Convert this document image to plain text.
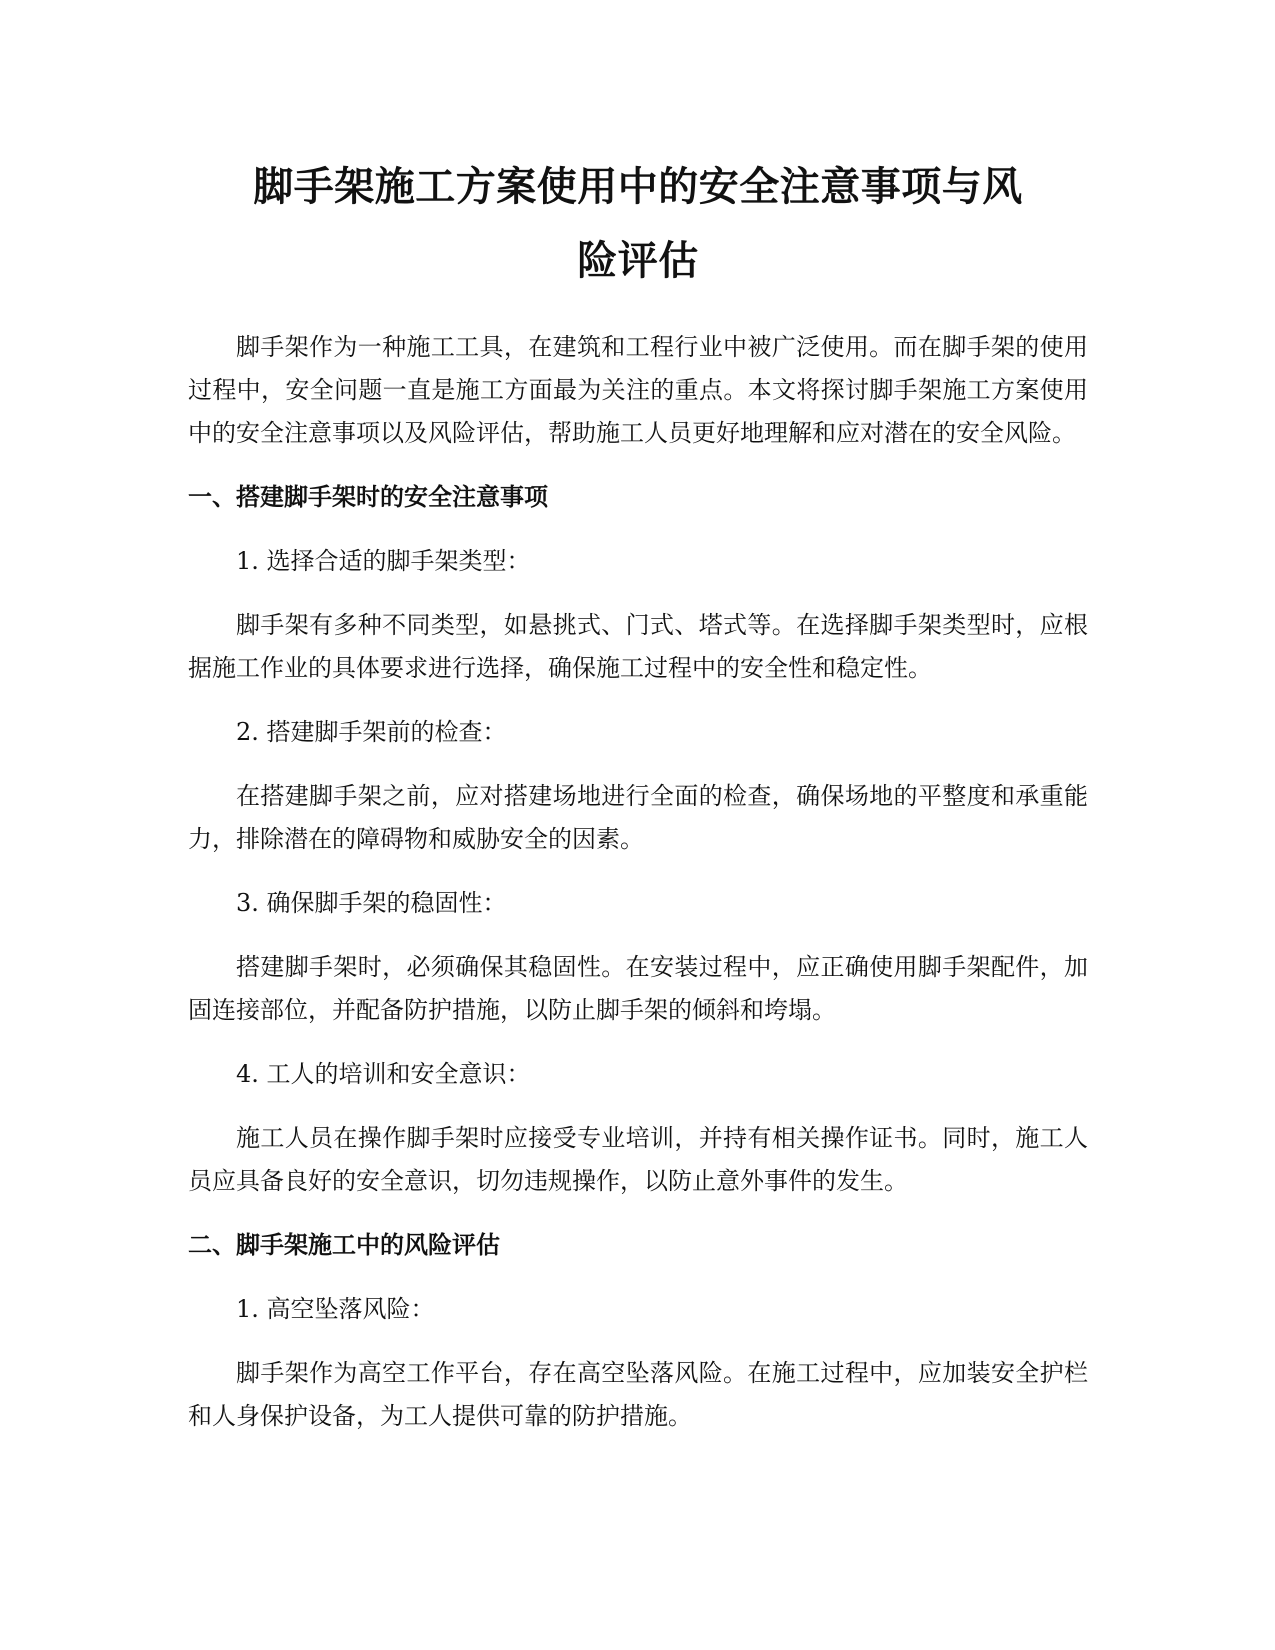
脚手架施工方案使用中的安全注意事项与风
险评估

脚手架作为一种施工工具，在建筑和工程行业中被广泛使用。而在脚手架的使用过程中，安全问题一直是施工方面最为关注的重点。本文将探讨脚手架施工方案使用中的安全注意事项以及风险评估，帮助施工人员更好地理解和应对潜在的安全风险。

一、搭建脚手架时的安全注意事项

1. 选择合适的脚手架类型：

脚手架有多种不同类型，如悬挑式、门式、塔式等。在选择脚手架类型时，应根据施工作业的具体要求进行选择，确保施工过程中的安全性和稳定性。

2. 搭建脚手架前的检查：

在搭建脚手架之前，应对搭建场地进行全面的检查，确保场地的平整度和承重能力，排除潜在的障碍物和威胁安全的因素。

3. 确保脚手架的稳固性：

搭建脚手架时，必须确保其稳固性。在安装过程中，应正确使用脚手架配件，加固连接部位，并配备防护措施，以防止脚手架的倾斜和垮塌。

4. 工人的培训和安全意识：

施工人员在操作脚手架时应接受专业培训，并持有相关操作证书。同时，施工人员应具备良好的安全意识，切勿违规操作，以防止意外事件的发生。

二、脚手架施工中的风险评估

1. 高空坠落风险：

脚手架作为高空工作平台，存在高空坠落风险。在施工过程中，应加装安全护栏和人身保护设备，为工人提供可靠的防护措施。
